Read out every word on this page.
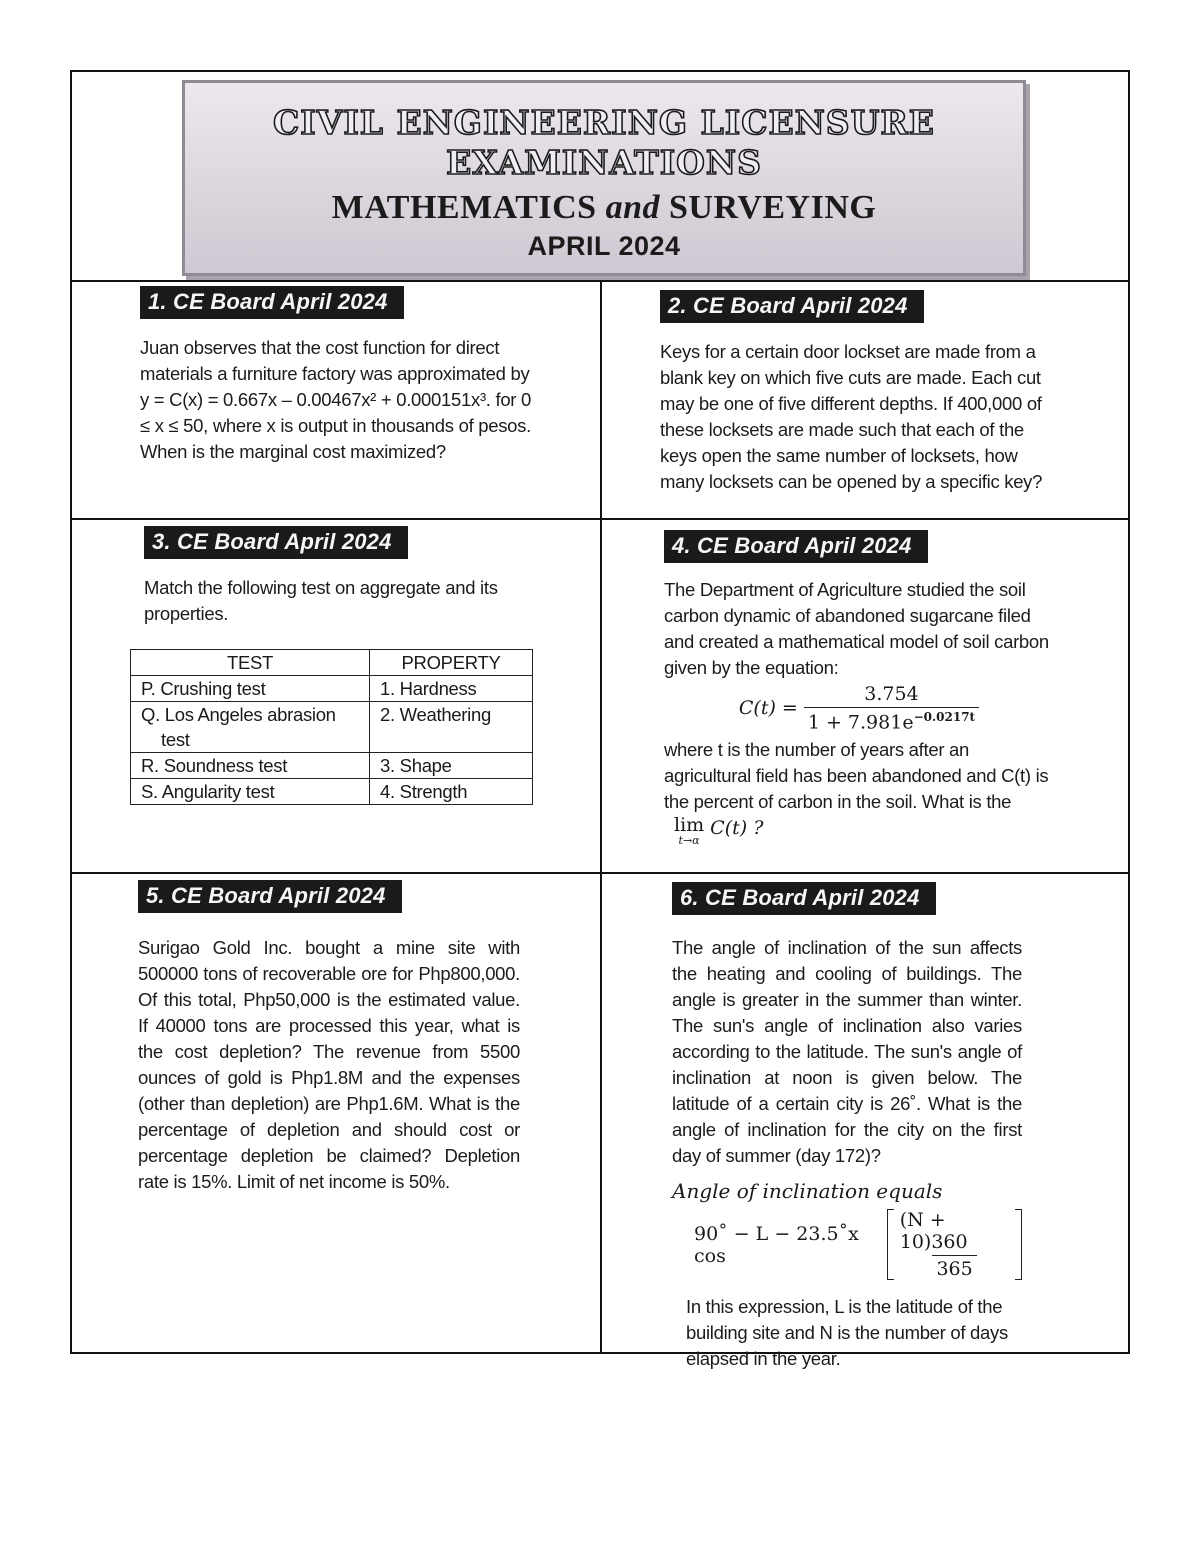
CIVIL ENGINEERING LICENSURE
EXAMINATIONS
MATHEMATICS and SURVEYING
APRIL 2024
1. CE Board April 2024
Juan observes that the cost function for direct materials a furniture factory was approximated by y = C(x) = 0.667x – 0.00467x² + 0.000151x³. for 0 ≤ x ≤ 50, where x is output in thousands of pesos. When is the marginal cost maximized?
2. CE Board April 2024
Keys for a certain door lockset are made from a blank key on which five cuts are made. Each cut may be one of five different depths. If 400,000 of these locksets are made such that each of the keys open the same number of locksets, how many locksets can be opened by a specific key?
3. CE Board April 2024
Match the following test on aggregate and its properties.
TEST	PROPERTY
P. Crushing test	1. Hardness
Q. Los Angeles abrasion
test	2. Weathering
R. Soundness test	3. Shape
S. Angularity test	4. Strength
4. CE Board April 2024
The Department of Agriculture studied the soil carbon dynamic of abandoned sugarcane filed and created a mathematical model of soil carbon given by the equation:
$C(t) = \frac{3.754}{1 + 7.981e^{-0.0217t}}$
where t is the number of years after an agricultural field has been abandoned and C(t) is the percent of carbon in the soil. What is the
lim
t→α
C(t) ?
5. CE Board April 2024
Surigao Gold Inc. bought a mine site with 500000 tons of recoverable ore for Php800,000. Of this total, Php50,000 is the estimated value. If 40000 tons are processed this year, what is the cost depletion? The revenue from 5500 ounces of gold is Php1.8M and the expenses (other than depletion) are Php1.6M. What is the percentage of depletion and should cost or percentage depletion be claimed? Depletion rate is 15%. Limit of net income is 50%.
6. CE Board April 2024
The angle of inclination of the sun affects the heating and cooling of buildings. The angle is greater in the summer than winter. The sun's angle of inclination also varies according to the latitude. The sun's angle of inclination at noon is given below. The latitude of a certain city is 26˚. What is the angle of inclination for the city on the first day of summer (day 172)?
Angle of inclination equals
90˚ − L − 23.5˚x cos	$\frac{(N + 10)360}{365}$
In this expression, L is the latitude of the building site and N is the number of days elapsed in the year.
